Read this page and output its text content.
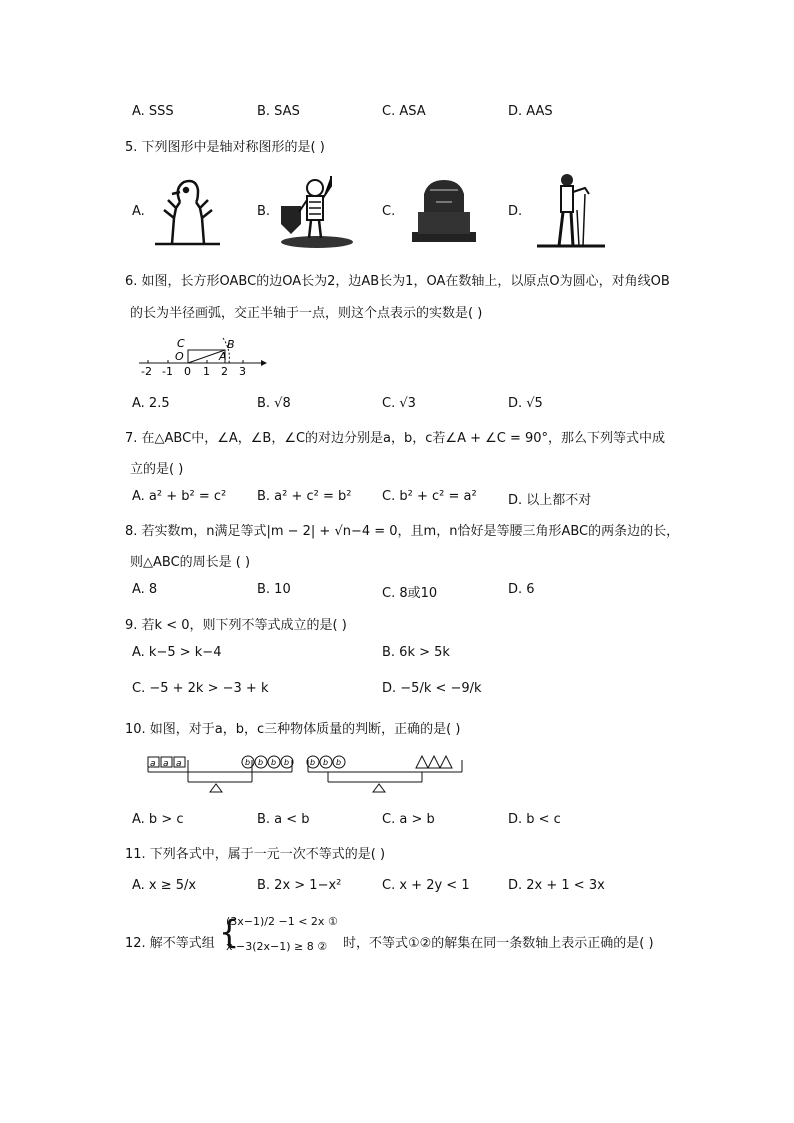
A. SSS	B. SAS	C. ASA	D. AAS
5. 下列图形中是轴对称图形的是( )
A.	B.	C.	D.
6. 如图，长方形OABC的边OA长为2，边AB长为1，OA在数轴上，以原点O为圆心，对角线OB
的长为半径画弧，交正半轴于一点，则这个点表示的实数是( )
C
O
B
A
-2 -1 0 1 2 3
A. 2.5	B. √8	C. √3	D. √5
7. 在△ABC中，∠A，∠B，∠C的对边分别是a，b，c若∠A + ∠C = 90°，那么下列等式中成
立的是( )
A. a² + b² = c² B. a² + c² = b² C. b² + c² = a² D. 以上都不对
8. 若实数m，n满足等式|m − 2| + √n−4 = 0，且m，n恰好是等腰三角形ABC的两条边的长，
则△ABC的周长是 ( )
A. 8	B. 10	C. 8或10	D. 6
9. 若k < 0，则下列不等式成立的是( )
A. k−5 > k−4	B. 6k > 5k
C. −5 + 2k > −3 + k	D. −5/k < −9/k
10. 如图，对于a，b，c三种物体质量的判断，正确的是( )
a a a	b b b b	b b b
A. b > c	B. a < b	C. a > b	D. b < c
11. 下列各式中，属于一元一次不等式的是( )
A. x ≥ 5/x	B. 2x > 1−x²	C. x + 2y < 1	D. 2x + 1 < 3x
12. 解不等式组 {
(3x−1)/2 −1 < 2x ①
x −3(2x−1) ≥ 8 ② 时，不等式①②的解集在同一条数轴上表示正确的是( )
